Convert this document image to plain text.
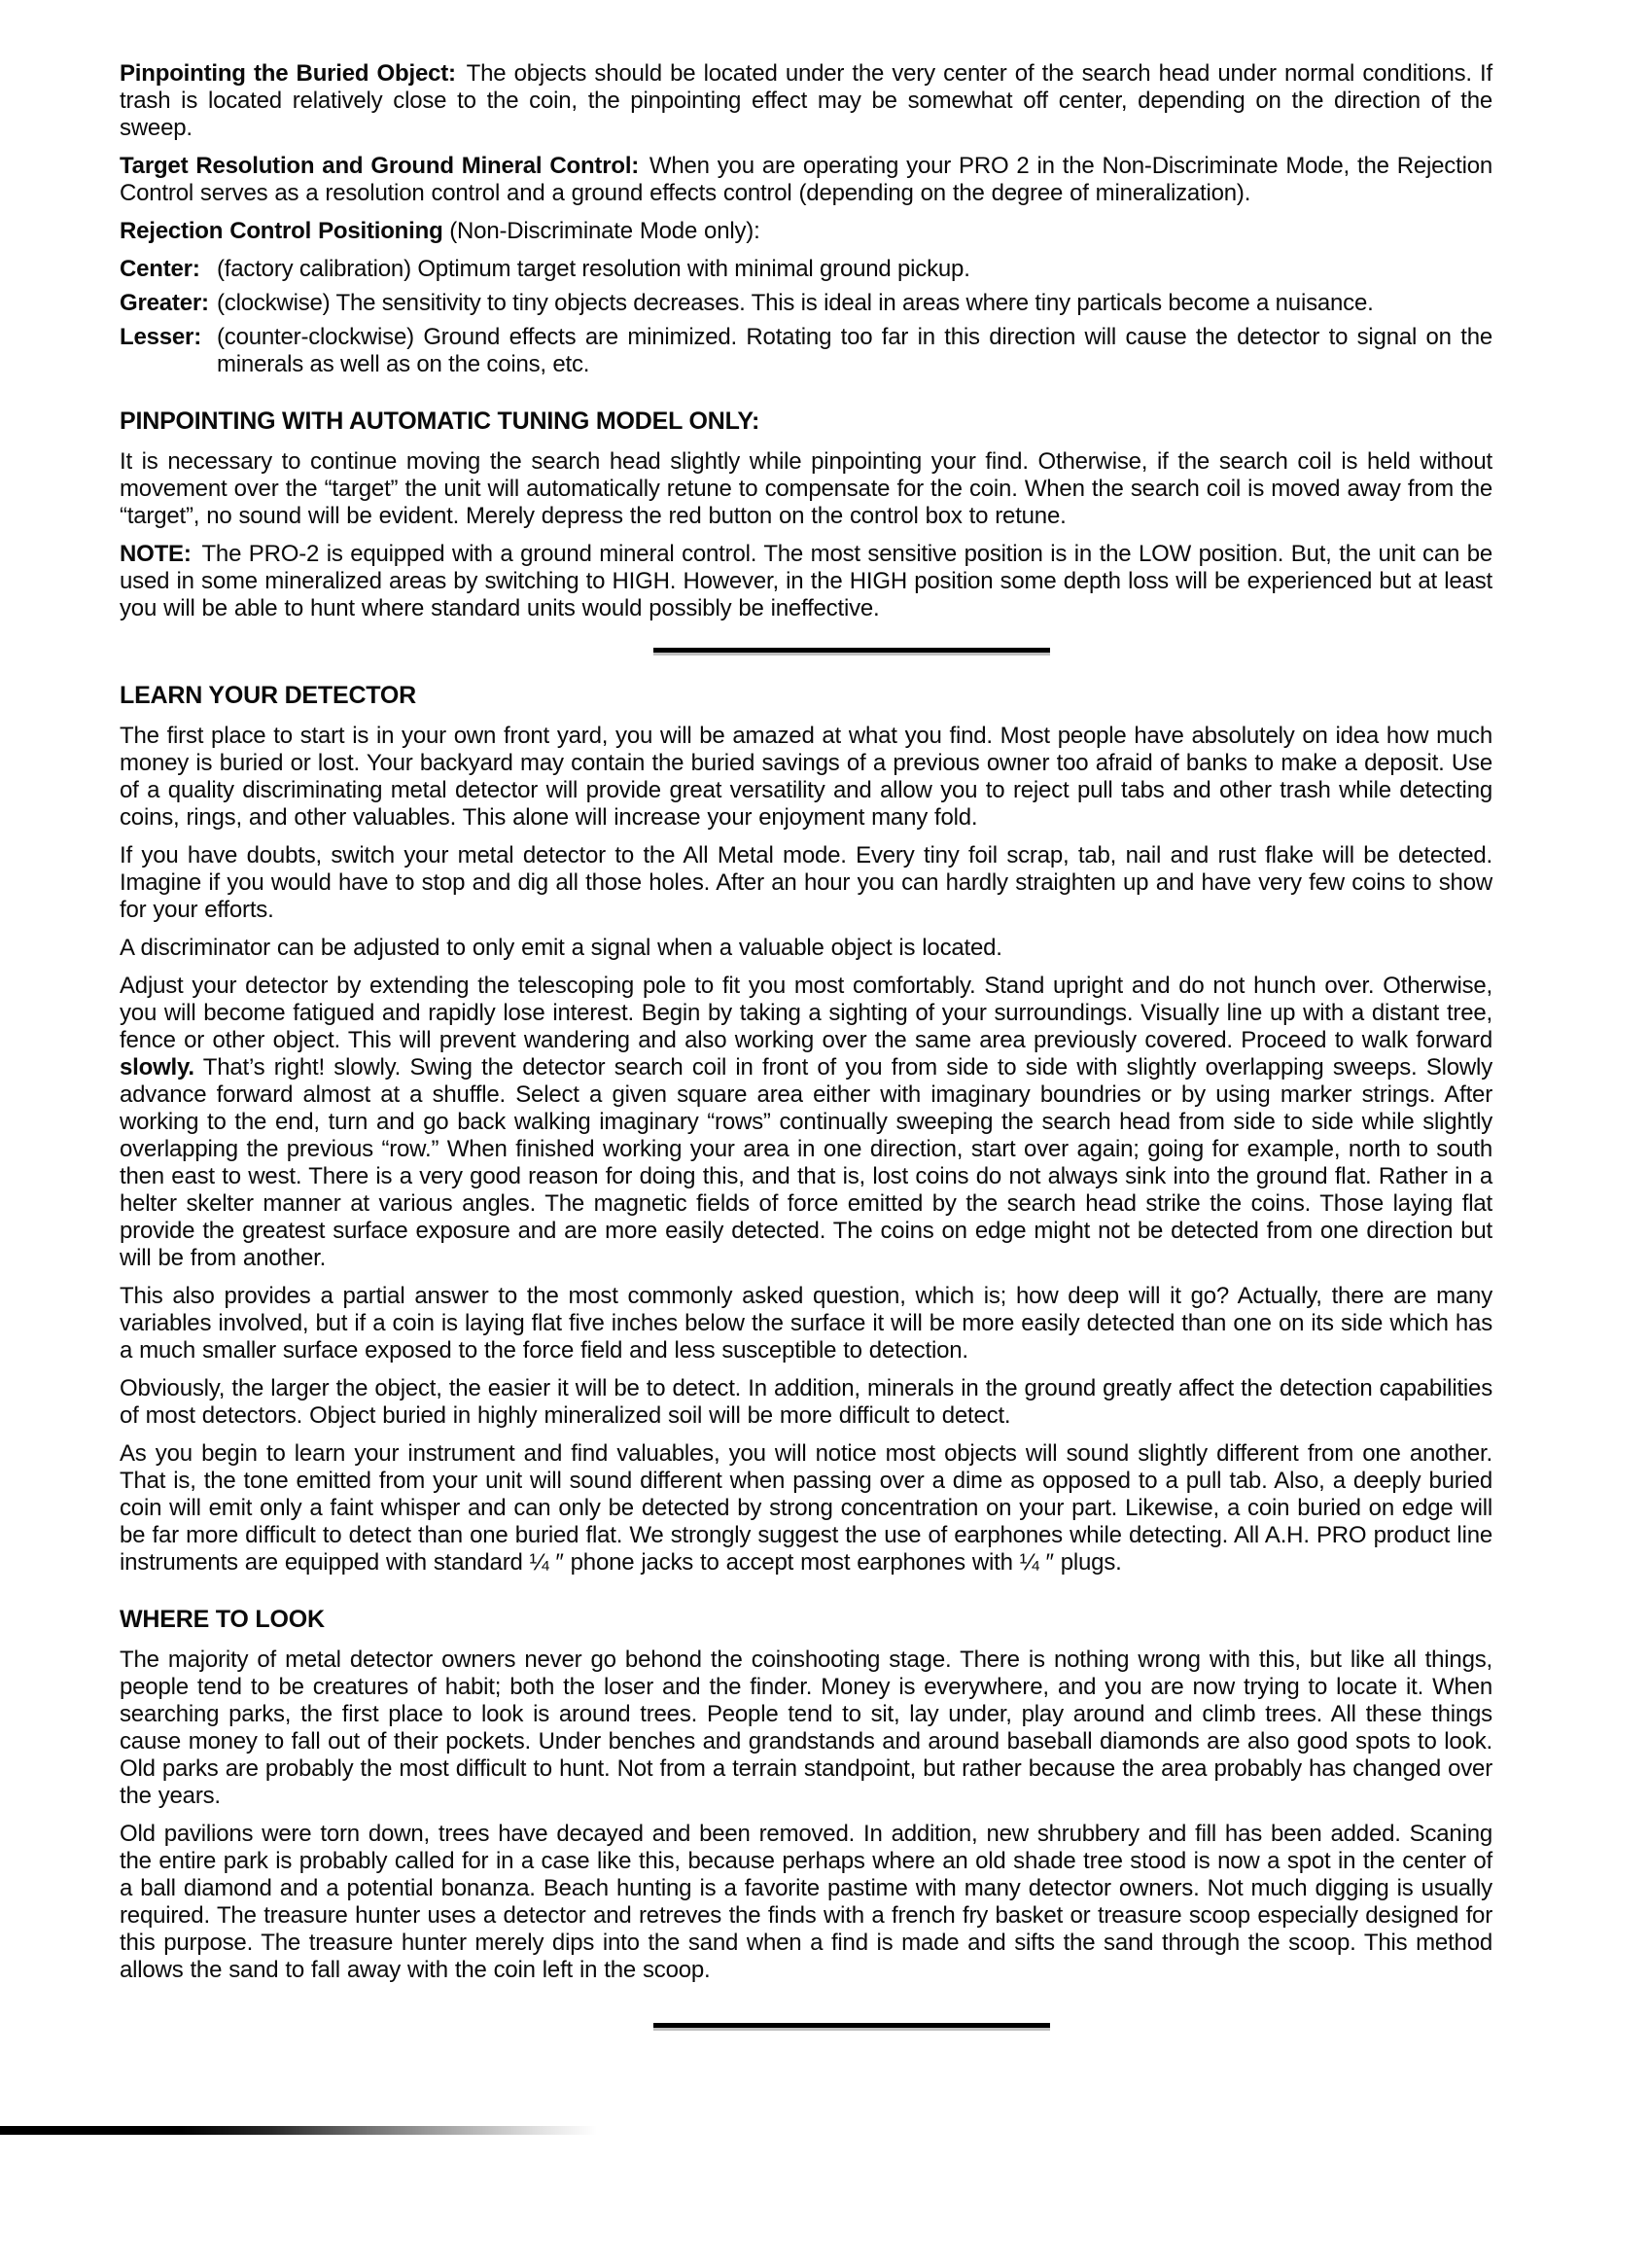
Pinpointing the Buried Object: The objects should be located under the very center of the search head under normal conditions. If trash is located relatively close to the coin, the pinpointing effect may be somewhat off center, depending on the direction of the sweep.

Target Resolution and Ground Mineral Control: When you are operating your PRO 2 in the Non-Discriminate Mode, the Rejection Control serves as a resolution control and a ground effects control (depending on the degree of mineralization).

Rejection Control Positioning (Non-Discriminate Mode only):

Center: (factory calibration) Optimum target resolution with minimal ground pickup.
Greater: (clockwise) The sensitivity to tiny objects decreases. This is ideal in areas where tiny particals become a nuisance.
Lesser: (counter-clockwise) Ground effects are minimized. Rotating too far in this direction will cause the detector to signal on the minerals as well as on the coins, etc.
PINPOINTING WITH AUTOMATIC TUNING MODEL ONLY:

It is necessary to continue moving the search head slightly while pinpointing your find. Otherwise, if the search coil is held without movement over the “target” the unit will automatically retune to compensate for the coin. When the search coil is moved away from the “target”, no sound will be evident. Merely depress the red button on the control box to retune.

NOTE: The PRO-2 is equipped with a ground mineral control. The most sensitive position is in the LOW position. But, the unit can be used in some mineralized areas by switching to HIGH. However, in the HIGH position some depth loss will be experienced but at least you will be able to hunt where standard units would possibly be ineffective.

LEARN YOUR DETECTOR

The first place to start is in your own front yard, you will be amazed at what you find. Most people have absolutely on idea how much money is buried or lost. Your backyard may contain the buried savings of a previous owner too afraid of banks to make a deposit. Use of a quality discriminating metal detector will provide great versatility and allow you to reject pull tabs and other trash while detecting coins, rings, and other valuables. This alone will increase your enjoyment many fold.

If you have doubts, switch your metal detector to the All Metal mode. Every tiny foil scrap, tab, nail and rust flake will be detected. Imagine if you would have to stop and dig all those holes. After an hour you can hardly straighten up and have very few coins to show for your efforts.

A discriminator can be adjusted to only emit a signal when a valuable object is located.

Adjust your detector by extending the telescoping pole to fit you most comfortably. Stand upright and do not hunch over. Otherwise, you will become fatigued and rapidly lose interest. Begin by taking a sighting of your surroundings. Visually line up with a distant tree, fence or other object. This will prevent wandering and also working over the same area previously covered. Proceed to walk forward slowly. That’s right! slowly. Swing the detector search coil in front of you from side to side with slightly overlapping sweeps. Slowly advance forward almost at a shuffle. Select a given square area either with imaginary boundries or by using marker strings. After working to the end, turn and go back walking imaginary “rows” continually sweeping the search head from side to side while slightly overlapping the previous “row.” When finished working your area in one direction, start over again; going for example, north to south then east to west. There is a very good reason for doing this, and that is, lost coins do not always sink into the ground flat. Rather in a helter skelter manner at various angles. The magnetic fields of force emitted by the search head strike the coins. Those laying flat provide the greatest surface exposure and are more easily detected. The coins on edge might not be detected from one direction but will be from another.

This also provides a partial answer to the most commonly asked question, which is; how deep will it go? Actually, there are many variables involved, but if a coin is laying flat five inches below the surface it will be more easily detected than one on its side which has a much smaller surface exposed to the force field and less susceptible to detection.

Obviously, the larger the object, the easier it will be to detect. In addition, minerals in the ground greatly affect the detection capabilities of most detectors. Object buried in highly mineralized soil will be more difficult to detect.

As you begin to learn your instrument and find valuables, you will notice most objects will sound slightly different from one another. That is, the tone emitted from your unit will sound different when passing over a dime as opposed to a pull tab. Also, a deeply buried coin will emit only a faint whisper and can only be detected by strong concentration on your part. Likewise, a coin buried on edge will be far more difficult to detect than one buried flat. We strongly suggest the use of earphones while detecting. All A.H. PRO product line instruments are equipped with standard ¼ ″ phone jacks to accept most earphones with ¼ ″ plugs.

WHERE TO LOOK

The majority of metal detector owners never go behond the coinshooting stage. There is nothing wrong with this, but like all things, people tend to be creatures of habit; both the loser and the finder. Money is everywhere, and you are now trying to locate it. When searching parks, the first place to look is around trees. People tend to sit, lay under, play around and climb trees. All these things cause money to fall out of their pockets. Under benches and grandstands and around baseball diamonds are also good spots to look. Old parks are probably the most difficult to hunt. Not from a terrain standpoint, but rather because the area probably has changed over the years.

Old pavilions were torn down, trees have decayed and been removed. In addition, new shrubbery and fill has been added. Scaning the entire park is probably called for in a case like this, because perhaps where an old shade tree stood is now a spot in the center of a ball diamond and a potential bonanza. Beach hunting is a favorite pastime with many detector owners. Not much digging is usually required. The treasure hunter uses a detector and retreves the finds with a french fry basket or treasure scoop especially designed for this purpose. The treasure hunter merely dips into the sand when a find is made and sifts the sand through the scoop. This method allows the sand to fall away with the coin left in the scoop.
